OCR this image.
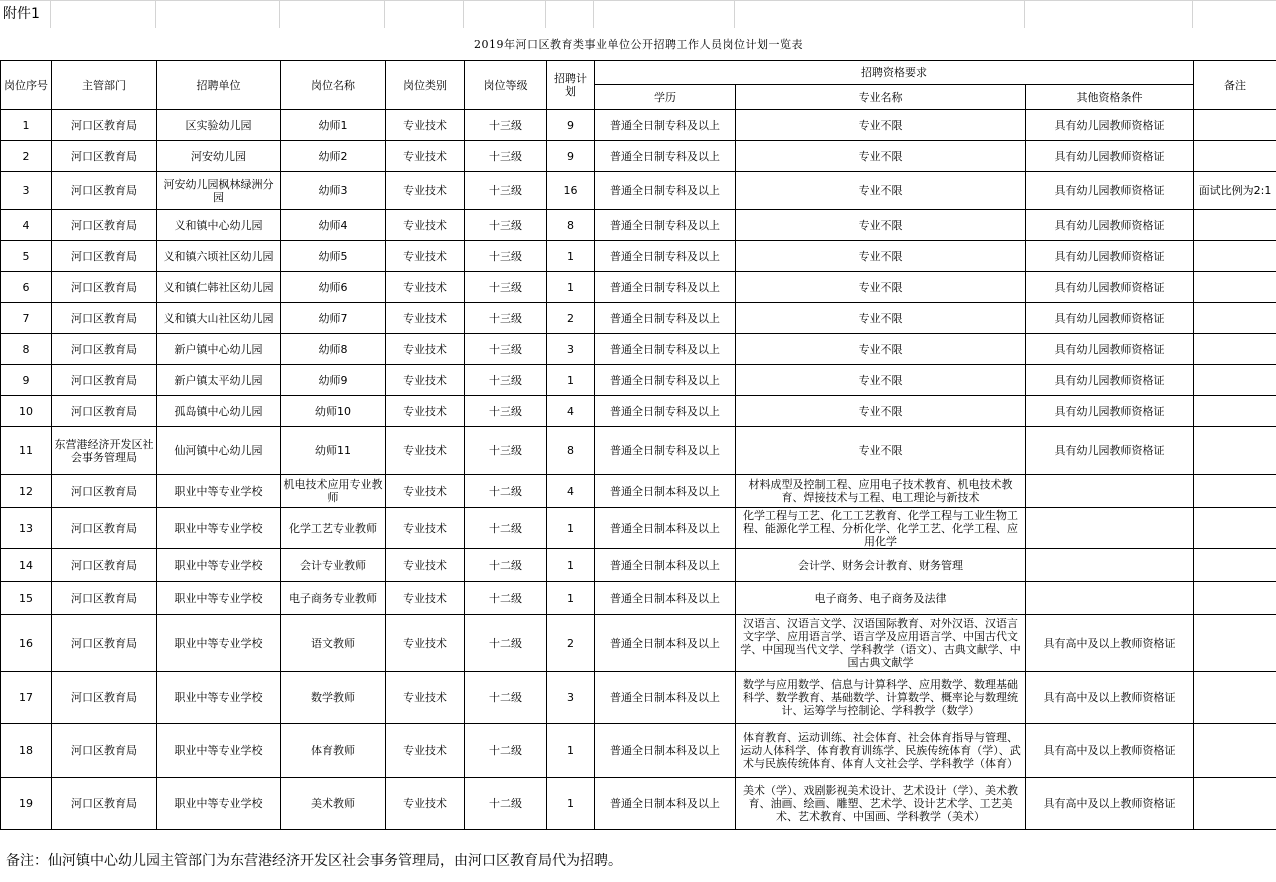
附件1
2019年河口区教育类事业单位公开招聘工作人员岗位计划一览表										
岗位序号	主管部门	招聘单位	岗位名称	岗位类别	岗位等级	招聘计划	招聘资格要求			备注
							学历	专业名称	其他资格条件	
1	河口区教育局	区实验幼儿园	幼师1	专业技术	十三级	9	普通全日制专科及以上	专业不限	具有幼儿园教师资格证	
2	河口区教育局	河安幼儿园	幼师2	专业技术	十三级	9	普通全日制专科及以上	专业不限	具有幼儿园教师资格证	
3	河口区教育局	河安幼儿园枫林绿洲分园	幼师3	专业技术	十三级	16	普通全日制专科及以上	专业不限	具有幼儿园教师资格证	面试比例为2:1
4	河口区教育局	义和镇中心幼儿园	幼师4	专业技术	十三级	8	普通全日制专科及以上	专业不限	具有幼儿园教师资格证	
5	河口区教育局	义和镇六顷社区幼儿园	幼师5	专业技术	十三级	1	普通全日制专科及以上	专业不限	具有幼儿园教师资格证	
6	河口区教育局	义和镇仁韩社区幼儿园	幼师6	专业技术	十三级	1	普通全日制专科及以上	专业不限	具有幼儿园教师资格证	
7	河口区教育局	义和镇大山社区幼儿园	幼师7	专业技术	十三级	2	普通全日制专科及以上	专业不限	具有幼儿园教师资格证	
8	河口区教育局	新户镇中心幼儿园	幼师8	专业技术	十三级	3	普通全日制专科及以上	专业不限	具有幼儿园教师资格证	
9	河口区教育局	新户镇太平幼儿园	幼师9	专业技术	十三级	1	普通全日制专科及以上	专业不限	具有幼儿园教师资格证	
10	河口区教育局	孤岛镇中心幼儿园	幼师10	专业技术	十三级	4	普通全日制专科及以上	专业不限	具有幼儿园教师资格证	
11	东营港经济开发区社会事务管理局	仙河镇中心幼儿园	幼师11	专业技术	十三级	8	普通全日制专科及以上	专业不限	具有幼儿园教师资格证	
12	河口区教育局	职业中等专业学校	机电技术应用专业教师	专业技术	十二级	4	普通全日制本科及以上	材料成型及控制工程、应用电子技术教育、机电技术教育、焊接技术与工程、电工理论与新技术		
13	河口区教育局	职业中等专业学校	化学工艺专业教师	专业技术	十二级	1	普通全日制本科及以上	化学工程与工艺、化工工艺教育、化学工程与工业生物工程、能源化学工程、分析化学、化学工艺、化学工程、应用化学		
14	河口区教育局	职业中等专业学校	会计专业教师	专业技术	十二级	1	普通全日制本科及以上	会计学、财务会计教育、财务管理		
15	河口区教育局	职业中等专业学校	电子商务专业教师	专业技术	十二级	1	普通全日制本科及以上	电子商务、电子商务及法律		
16	河口区教育局	职业中等专业学校	语文教师	专业技术	十二级	2	普通全日制本科及以上	汉语言、汉语言文学、汉语国际教育、对外汉语、汉语言文字学、应用语言学、语言学及应用语言学、中国古代文学、中国现当代文学、学科教学（语文）、古典文献学、中国古典文献学	具有高中及以上教师资格证	
17	河口区教育局	职业中等专业学校	数学教师	专业技术	十二级	3	普通全日制本科及以上	数学与应用数学、信息与计算科学、应用数学、数理基础科学、数学教育、基础数学、计算数学、概率论与数理统计、运筹学与控制论、学科教学（数学）	具有高中及以上教师资格证	
18	河口区教育局	职业中等专业学校	体育教师	专业技术	十二级	1	普通全日制本科及以上	体育教育、运动训练、社会体育、社会体育指导与管理、运动人体科学、体育教育训练学、民族传统体育（学）、武术与民族传统体育、体育人文社会学、学科教学（体育）	具有高中及以上教师资格证	
19	河口区教育局	职业中等专业学校	美术教师	专业技术	十二级	1	普通全日制本科及以上	美术（学）、戏剧影视美术设计、艺术设计（学）、美术教育、油画、绘画、雕塑、艺术学、设计艺术学、工艺美术、艺术教育、中国画、学科教学（美术）	具有高中及以上教师资格证	
备注：仙河镇中心幼儿园主管部门为东营港经济开发区社会事务管理局，由河口区教育局代为招聘。
